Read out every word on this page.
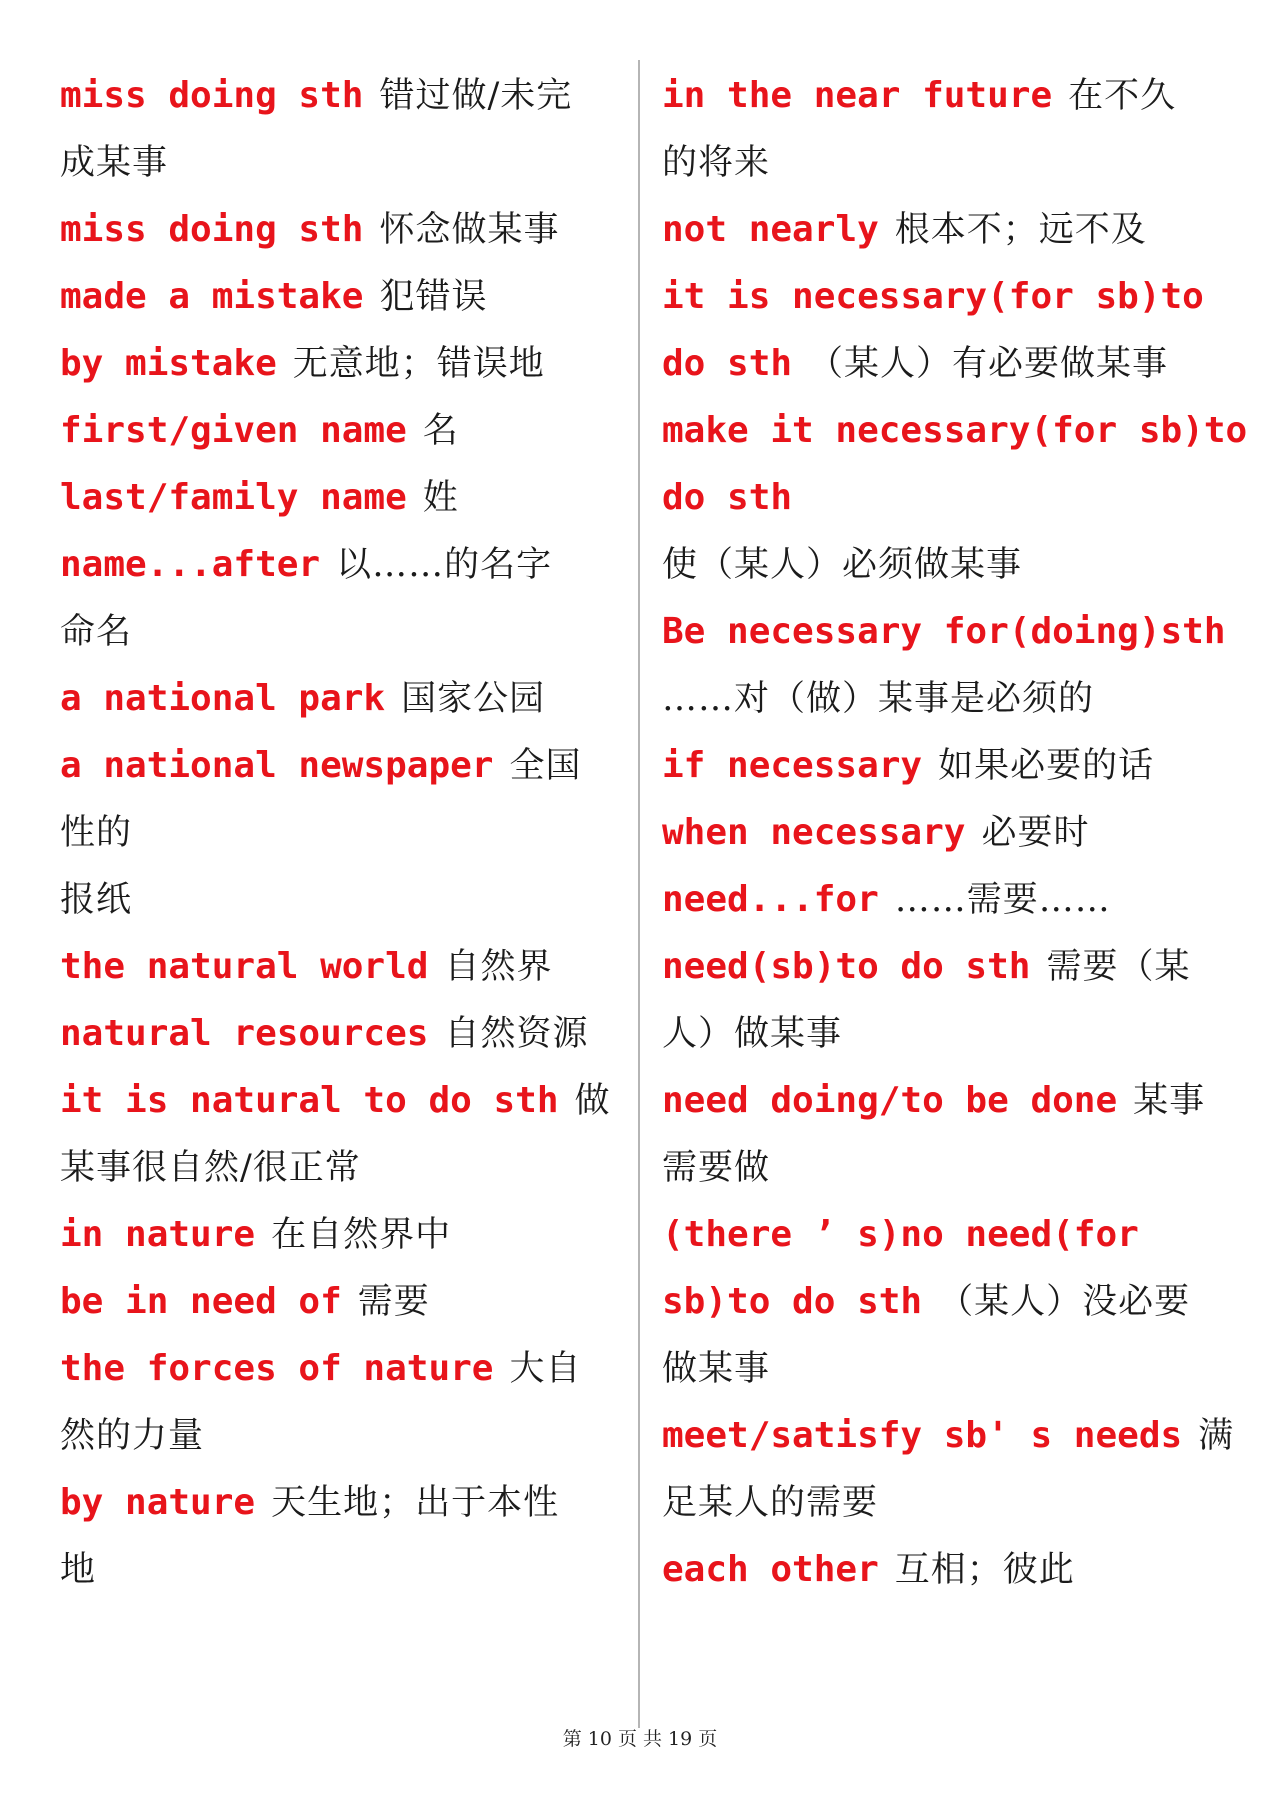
miss doing sth 错过做/未完
成某事
miss doing sth 怀念做某事
made a mistake 犯错误
by mistake 无意地；错误地
first/given name 名
last/family name 姓
name...after 以……的名字
命名
a national park 国家公园
a national newspaper 全国
性的
报纸
the natural world 自然界
natural resources 自然资源
it is natural to do sth 做
某事很自然/很正常
in nature 在自然界中
be in need of 需要
the forces of nature 大自
然的力量
by nature 天生地；出于本性
地
in the near future 在不久
的将来
not nearly 根本不；远不及
it is necessary(for sb)to
do sth （某人）有必要做某事
make it necessary(for sb)to
do sth
使（某人）必须做某事
Be necessary for(doing)sth
……对（做）某事是必须的
if necessary 如果必要的话
when necessary 必要时
need...for ……需要……
need(sb)to do sth 需要（某
人）做某事
need doing/to be done 某事
需要做
(there ’ s)no need(for
sb)to do sth （某人）没必要
做某事
meet/satisfy sb' s needs 满
足某人的需要
each other 互相；彼此
第 10 页 共 19 页
